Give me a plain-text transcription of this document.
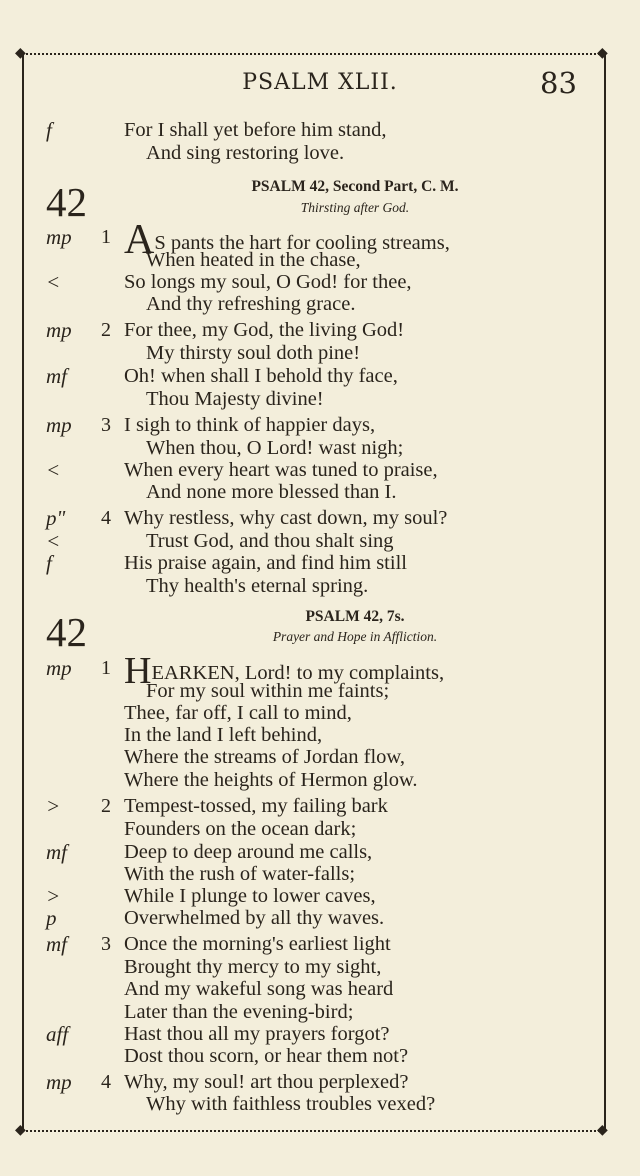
◆	◆
◆	◆
PSALM XLII.	83
f	For I shall yet before him stand,
And sing restoring love.
42	PSALM 42, Second Part, C. M.
Thirsting after God.
mp 1 AS pants the hart for cooling streams,
When heated in the chase,
<	So longs my soul, O God! for thee,
And thy refreshing grace.
mp 2 For thee, my God, the living God!
My thirsty soul doth pine!
mf	Oh! when shall I behold thy face,
Thou Majesty divine!
mp 3 I sigh to think of happier days,
When thou, O Lord! wast nigh;
<	When every heart was tuned to praise,
And none more blessed than I.
p" 4 Why restless, why cast down, my soul?
<	Trust God, and thou shalt sing
f	His praise again, and find him still
Thy health's eternal spring.
42	PSALM 42, 7s.
Prayer and Hope in Affliction.
mp 1 HEARKEN, Lord! to my complaints,
For my soul within me faints;
Thee, far off, I call to mind,
In the land I left behind,
Where the streams of Jordan flow,
Where the heights of Hermon glow.
> 2 Tempest-tossed, my failing bark
Founders on the ocean dark;
mf	Deep to deep around me calls,
With the rush of water-falls;
>	While I plunge to lower caves,
p	Overwhelmed by all thy waves.
mf 3 Once the morning's earliest light
Brought thy mercy to my sight,
And my wakeful song was heard
Later than the evening-bird;
aff	Hast thou all my prayers forgot?
Dost thou scorn, or hear them not?
mp 4 Why, my soul! art thou perplexed?
Why with faithless troubles vexed?
